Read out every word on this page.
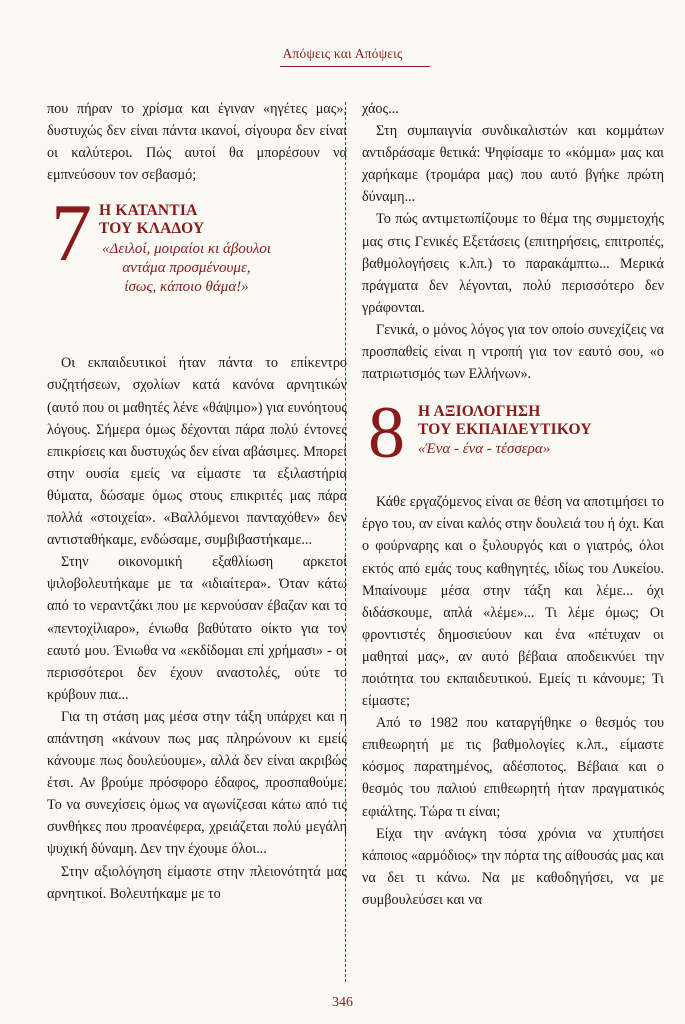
Απόψεις και Απόψεις

που πήραν το χρίσμα και έγιναν «ηγέτες μας», δυστυχώς δεν είναι πάντα ικανοί, σίγουρα δεν είναι οι καλύτεροι. Πώς αυτοί θα μπορέσουν να εμπνεύσουν τον σεβασμό;

7 Η ΚΑΤΑΝΤΙΑ
ΤΟΥ ΚΛΑΔΟΥ
«Δειλοί, μοιραίοι κι άβουλοι
αντάμα προσμένουμε,
ίσως, κάποιο θάμα!»

Οι εκπαιδευτικοί ήταν πάντα το επίκεντρο συζητήσεων, σχολίων κατά κανόνα αρνητικών (αυτό που οι μαθητές λένε «θάψιμο») για ευνόητους λόγους. Σήμερα όμως δέχονται πάρα πολύ έντονες επικρίσεις και δυστυχώς δεν είναι αβάσιμες. Μπορεί στην ουσία εμείς να είμαστε τα εξιλαστήρια θύματα, δώσαμε όμως στους επικριτές μας πάρα πολλά «στοιχεία». «Βαλλόμενοι πανταχόθεν» δεν αντισταθήκαμε, ενδώσαμε, συμβιβαστήκαμε...

Στην οικονομική εξαθλίωση αρκετοί ψιλοβολευτήκαμε με τα «ιδιαίτερα». Όταν κάτω από το νεραντζάκι που με κερνούσαν έβαζαν και το «πεντοχίλιαρο», ένιωθα βαθύτατο οίκτο για τον εαυτό μου. Ένιωθα να «εκδίδομαι επί χρήμασι» - οι περισσότεροι δεν έχουν αναστολές, ούτε το κρύβουν πια...

Για τη στάση μας μέσα στην τάξη υπάρχει και η απάντηση «κάνουν πως μας πληρώνουν κι εμείς κάνουμε πως δουλεύουμε», αλλά δεν είναι ακριβώς έτσι. Αν βρούμε πρόσφορο έδαφος, προσπαθούμε. Το να συνεχίσεις όμως να αγωνίζεσαι κάτω από τις συνθήκες που προανέφερα, χρειάζεται πολύ μεγάλη ψυχική δύναμη. Δεν την έχουμε όλοι...

Στην αξιολόγηση είμαστε στην πλειονότητά μας αρνητικοί. Βολευτήκαμε με το

χάος...

Στη συμπαιγνία συνδικαλιστών και κομμάτων αντιδράσαμε θετικά: Ψηφίσαμε το «κόμμα» μας και χαρήκαμε (τρομάρα μας) που αυτό βγήκε πρώτη δύναμη...

Το πώς αντιμετωπίζουμε το θέμα της συμμετοχής μας στις Γενικές Εξετάσεις (επιτηρήσεις, επιτροπές, βαθμολογήσεις κ.λπ.) το παρακάμπτω... Μερικά πράγματα δεν λέγονται, πολύ περισσότερο δεν γράφονται.

Γενικά, ο μόνος λόγος για τον οποίο συνεχίζεις να προσπαθείς είναι η ντροπή για τον εαυτό σου, «ο πατριωτισμός των Ελλήνων».

8 Η ΑΞΙΟΛΟΓΗΣΗ
ΤΟΥ ΕΚΠΑΙΔΕΥΤΙΚΟΥ
«Ένα - ένα - τέσσερα»

Κάθε εργαζόμενος είναι σε θέση να αποτιμήσει το έργο του, αν είναι καλός στην δουλειά του ή όχι. Και ο φούρναρης και ο ξυλουργός και ο γιατρός, όλοι εκτός από εμάς τους καθηγητές, ιδίως του Λυκείου. Μπαίνουμε μέσα στην τάξη και λέμε... όχι διδάσκουμε, απλά «λέμε»... Τι λέμε όμως; Οι φροντιστές δημοσιεύουν και ένα «πέτυχαν οι μαθηταί μας», αν αυτό βέβαια αποδεικνύει την ποιότητα του εκπαιδευτικού. Εμείς τι κάνουμε; Τι είμαστε;

Από το 1982 που καταργήθηκε ο θεσμός του επιθεωρητή με τις βαθμολογίες κ.λπ., είμαστε κόσμος παρατημένος, αδέσποτος. Βέβαια και ο θεσμός του παλιού επιθεωρητή ήταν πραγματικός εφιάλτης. Τώρα τι είναι;

Είχα την ανάγκη τόσα χρόνια να χτυπήσει κάποιος «αρμόδιος» την πόρτα της αίθουσάς μας και να δει τι κάνω. Να με καθοδηγήσει, να με συμβουλεύσει και να

346
